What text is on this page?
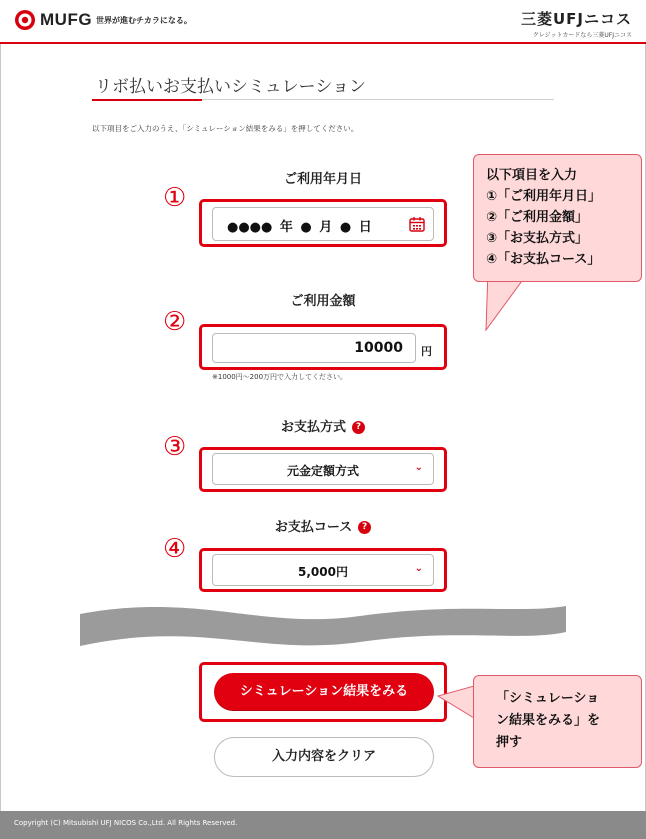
MUFG 世界が進むチカラになる。	三菱UFJニコス
クレジットカードなら三菱UFJニコス
リボ払いお支払いシミュレーション
以下項目をご入力のうえ、「シミュレーション結果をみる」を押してください。
ご利用年月日
①
●●●● 年 ● 月 ● 日
ご利用金額
②
10000 円
※1000円〜200万円で入力してください。
お支払方式 ?
③
元金定額方式	⌄
お支払コース ?
④
5,000円	⌄
以下項目を入力
①「ご利用年月日」
②「ご利用金額」
③「お支払方式」
④「お支払コース」
シミュレーション結果をみる
入力内容をクリア
「シミュレーショ
ン結果をみる」を
押す
Copyright (C) Mitsubishi UFJ NICOS Co.,Ltd. All Rights Reserved.
